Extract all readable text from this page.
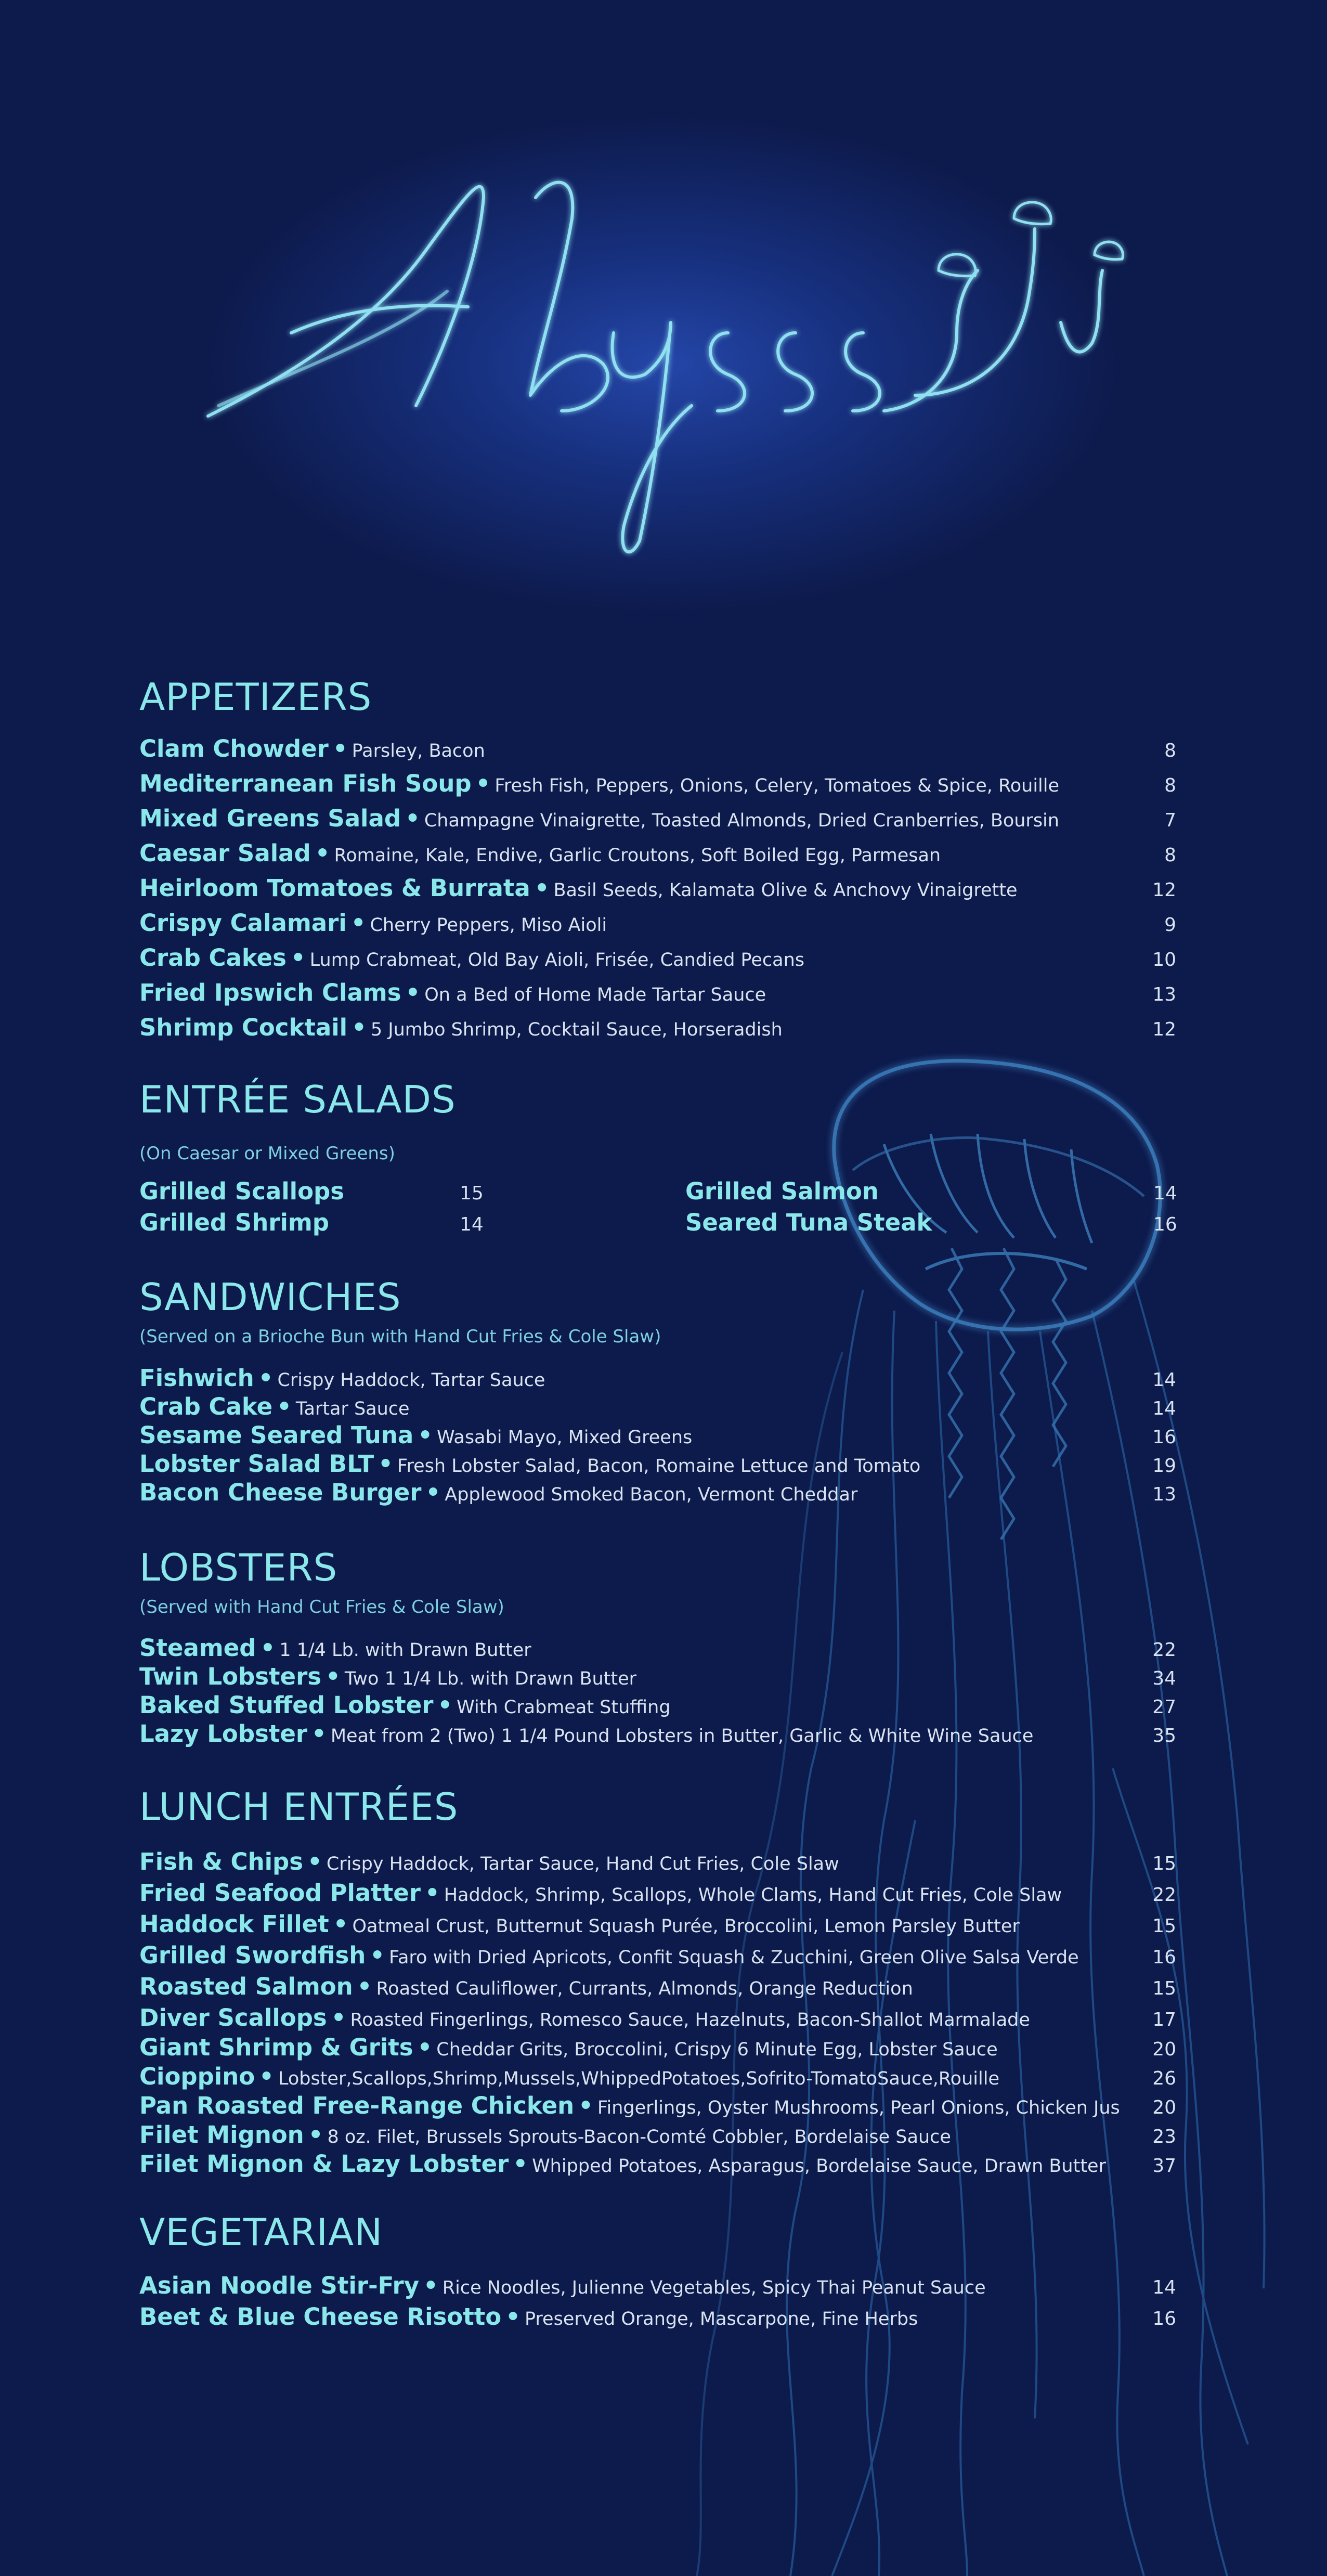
APPETIZERS
Clam Chowder • Parsley, Bacon	8
Mediterranean Fish Soup • Fresh Fish, Peppers, Onions, Celery, Tomatoes & Spice, Rouille	8
Mixed Greens Salad • Champagne Vinaigrette, Toasted Almonds, Dried Cranberries, Boursin	7
Caesar Salad • Romaine, Kale, Endive, Garlic Croutons, Soft Boiled Egg, Parmesan	8
Heirloom Tomatoes & Burrata • Basil Seeds, Kalamata Olive & Anchovy Vinaigrette	12
Crispy Calamari • Cherry Peppers, Miso Aioli	9
Crab Cakes • Lump Crabmeat, Old Bay Aioli, Frisée, Candied Pecans	10
Fried Ipswich Clams • On a Bed of Home Made Tartar Sauce	13
Shrimp Cocktail • 5 Jumbo Shrimp, Cocktail Sauce, Horseradish	12
ENTRÉE SALADS
(On Caesar or Mixed Greens)
Grilled Scallops	15
Grilled Shrimp	14
Grilled Salmon	14
Seared Tuna Steak	16
SANDWICHES
(Served on a Brioche Bun with Hand Cut Fries & Cole Slaw)
Fishwich • Crispy Haddock, Tartar Sauce	14
Crab Cake • Tartar Sauce	14
Sesame Seared Tuna • Wasabi Mayo, Mixed Greens	16
Lobster Salad BLT • Fresh Lobster Salad, Bacon, Romaine Lettuce and Tomato	19
Bacon Cheese Burger • Applewood Smoked Bacon, Vermont Cheddar	13
LOBSTERS
(Served with Hand Cut Fries & Cole Slaw)
Steamed • 1 1/4 Lb. with Drawn Butter	22
Twin Lobsters • Two 1 1/4 Lb. with Drawn Butter	34
Baked Stuffed Lobster • With Crabmeat Stuffing	27
Lazy Lobster • Meat from 2 (Two) 1 1/4 Pound Lobsters in Butter, Garlic & White Wine Sauce	35
LUNCH ENTRÉES
Fish & Chips • Crispy Haddock, Tartar Sauce, Hand Cut Fries, Cole Slaw	15
Fried Seafood Platter • Haddock, Shrimp, Scallops, Whole Clams, Hand Cut Fries, Cole Slaw	22
Haddock Fillet • Oatmeal Crust, Butternut Squash Purée, Broccolini, Lemon Parsley Butter	15
Grilled Swordfish • Faro with Dried Apricots, Confit Squash & Zucchini, Green Olive Salsa Verde	16
Roasted Salmon • Roasted Cauliflower, Currants, Almonds, Orange Reduction	15
Diver Scallops • Roasted Fingerlings, Romesco Sauce, Hazelnuts, Bacon-Shallot Marmalade	17
Giant Shrimp & Grits • Cheddar Grits, Broccolini, Crispy 6 Minute Egg, Lobster Sauce	20
Cioppino • Lobster,Scallops,Shrimp,Mussels,WhippedPotatoes,Sofrito-TomatoSauce,Rouille	26
Pan Roasted Free-Range Chicken • Fingerlings, Oyster Mushrooms, Pearl Onions, Chicken Jus 20
Filet Mignon • 8 oz. Filet, Brussels Sprouts-Bacon-Comté Cobbler, Bordelaise Sauce	23
Filet Mignon & Lazy Lobster • Whipped Potatoes, Asparagus, Bordelaise Sauce, Drawn Butter 37
VEGETARIAN
Asian Noodle Stir-Fry • Rice Noodles, Julienne Vegetables, Spicy Thai Peanut Sauce	14
Beet & Blue Cheese Risotto • Preserved Orange, Mascarpone, Fine Herbs	16
